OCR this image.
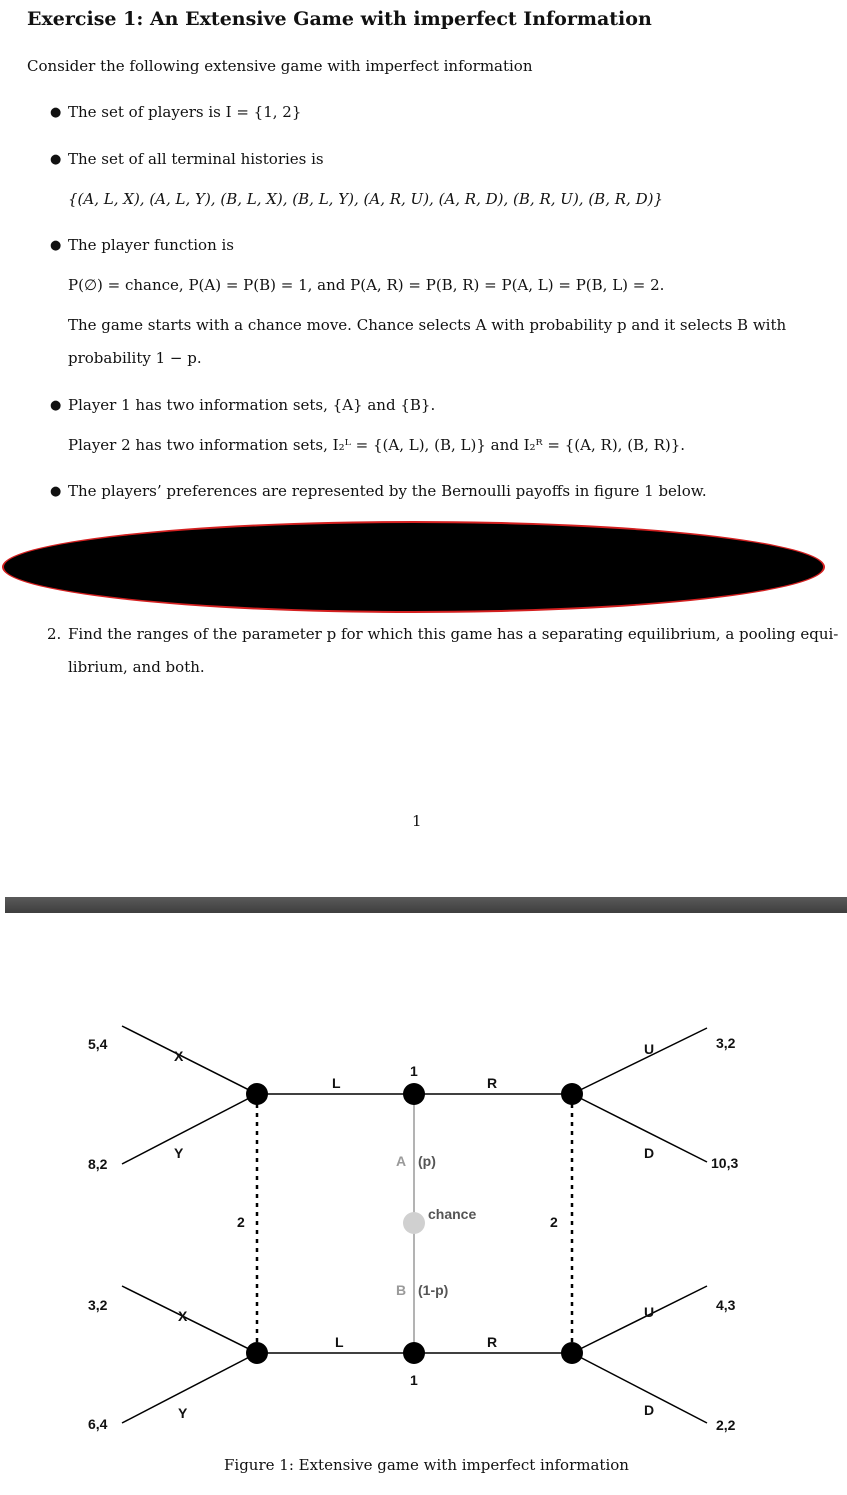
Exercise 1: An Extensive Game with imperfect Information
Consider the following extensive game with imperfect information
● The set of players is I = {1, 2}
● The set of all terminal histories is
{(A, L, X), (A, L, Y), (B, L, X), (B, L, Y), (A, R, U), (A, R, D), (B, R, U), (B, R, D)}
● The player function is
P(∅) = chance, P(A) = P(B) = 1, and P(A, R) = P(B, R) = P(A, L) = P(B, L) = 2.
The game starts with a chance move. Chance selects A with probability p and it selects B with
probability 1 − p.
● Player 1 has two information sets, {A} and {B}.
Player 2 has two information sets, I₂ᴸ = {(A, L), (B, L)} and I₂ᴿ = {(A, R), (B, R)}.
● The players’ preferences are represented by the Bernoulli payoffs in figure 1 below.
2. Find the ranges of the parameter p for which this game has a separating equilibrium, a pooling equi-
librium, and both.
1
5,4
8,2
3,2
6,4
3,2
10,3
4,3
2,2
X
Y
X
Y
L	R
L	R
U
D
U
D
A
B
(p)
(1-p)
chance
1
1
2	2
Figure 1: Extensive game with imperfect information
